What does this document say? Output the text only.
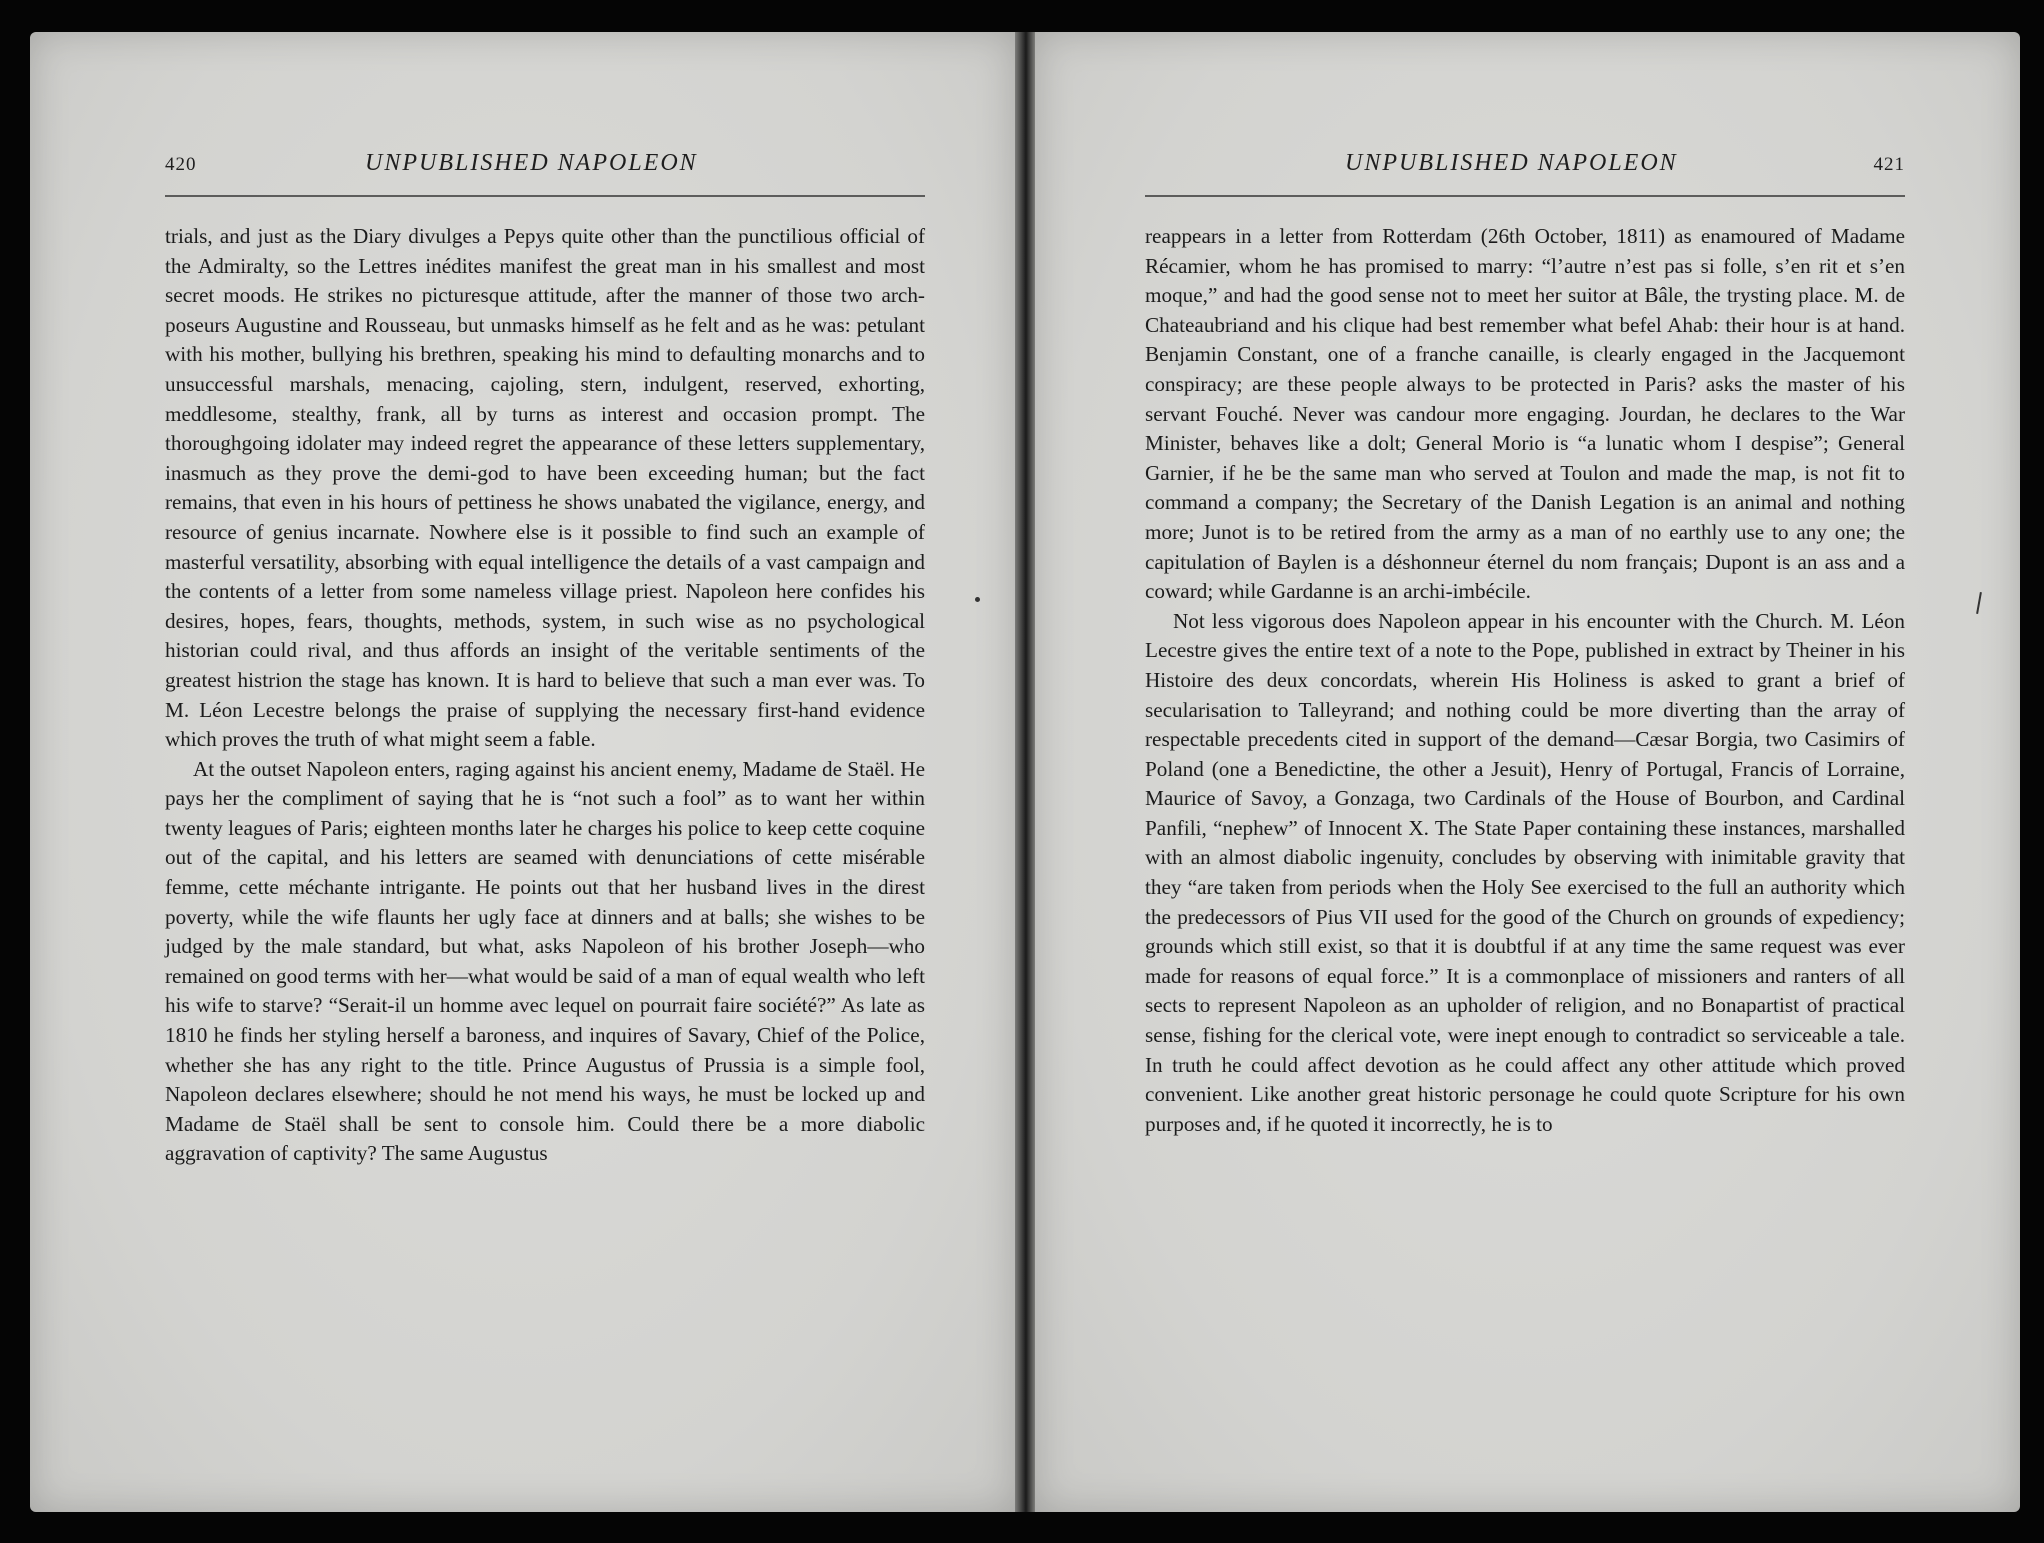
420	UNPUBLISHED NAPOLEON

trials, and just as the Diary divulges a Pepys quite other than the punctilious official of the Admiralty, so the Lettres inédites manifest the great man in his smallest and most secret moods. He strikes no picturesque attitude, after the manner of those two arch-poseurs Augustine and Rousseau, but unmasks himself as he felt and as he was: petulant with his mother, bullying his brethren, speaking his mind to defaulting monarchs and to unsuccessful marshals, menacing, cajoling, stern, indulgent, reserved, exhorting, meddlesome, stealthy, frank, all by turns as interest and occasion prompt. The thoroughgoing idolater may indeed regret the appearance of these letters supplementary, inasmuch as they prove the demi-god to have been exceeding human; but the fact remains, that even in his hours of pettiness he shows unabated the vigilance, energy, and resource of genius incarnate. Nowhere else is it possible to find such an example of masterful versatility, absorbing with equal intelligence the details of a vast campaign and the contents of a letter from some nameless village priest. Napoleon here confides his desires, hopes, fears, thoughts, methods, system, in such wise as no psychological historian could rival, and thus affords an insight of the veritable sentiments of the greatest histrion the stage has known. It is hard to believe that such a man ever was. To M. Léon Lecestre belongs the praise of supplying the necessary first-hand evidence which proves the truth of what might seem a fable.

At the outset Napoleon enters, raging against his ancient enemy, Madame de Staël. He pays her the compliment of saying that he is “not such a fool” as to want her within twenty leagues of Paris; eighteen months later he charges his police to keep cette coquine out of the capital, and his letters are seamed with denunciations of cette misérable femme, cette méchante intrigante. He points out that her husband lives in the direst poverty, while the wife flaunts her ugly face at dinners and at balls; she wishes to be judged by the male standard, but what, asks Napoleon of his brother Joseph—who remained on good terms with her—what would be said of a man of equal wealth who left his wife to starve? “Serait-il un homme avec lequel on pourrait faire société?” As late as 1810 he finds her styling herself a baroness, and inquires of Savary, Chief of the Police, whether she has any right to the title. Prince Augustus of Prussia is a simple fool, Napoleon declares elsewhere; should he not mend his ways, he must be locked up and Madame de Staël shall be sent to console him. Could there be a more diabolic aggravation of captivity? The same Augustus

UNPUBLISHED NAPOLEON	421

reappears in a letter from Rotterdam (26th October, 1811) as enamoured of Madame Récamier, whom he has promised to marry: “l’autre n’est pas si folle, s’en rit et s’en moque,” and had the good sense not to meet her suitor at Bâle, the trysting place. M. de Chateaubriand and his clique had best remember what befel Ahab: their hour is at hand. Benjamin Constant, one of a franche canaille, is clearly engaged in the Jacquemont conspiracy; are these people always to be protected in Paris? asks the master of his servant Fouché. Never was candour more engaging. Jourdan, he declares to the War Minister, behaves like a dolt; General Morio is “a lunatic whom I despise”; General Garnier, if he be the same man who served at Toulon and made the map, is not fit to command a company; the Secretary of the Danish Legation is an animal and nothing more; Junot is to be retired from the army as a man of no earthly use to any one; the capitulation of Baylen is a déshonneur éternel du nom français; Dupont is an ass and a coward; while Gardanne is an archi-imbécile.

Not less vigorous does Napoleon appear in his encounter with the Church. M. Léon Lecestre gives the entire text of a note to the Pope, published in extract by Theiner in his Histoire des deux concordats, wherein His Holiness is asked to grant a brief of secularisation to Talleyrand; and nothing could be more diverting than the array of respectable precedents cited in support of the demand—Cæsar Borgia, two Casimirs of Poland (one a Benedictine, the other a Jesuit), Henry of Portugal, Francis of Lorraine, Maurice of Savoy, a Gonzaga, two Cardinals of the House of Bourbon, and Cardinal Panfili, “nephew” of Innocent X. The State Paper containing these instances, marshalled with an almost diabolic ingenuity, concludes by observing with inimitable gravity that they “are taken from periods when the Holy See exercised to the full an authority which the predecessors of Pius VII used for the good of the Church on grounds of expediency; grounds which still exist, so that it is doubtful if at any time the same request was ever made for reasons of equal force.” It is a commonplace of missioners and ranters of all sects to represent Napoleon as an upholder of religion, and no Bonapartist of practical sense, fishing for the clerical vote, were inept enough to contradict so serviceable a tale. In truth he could affect devotion as he could affect any other attitude which proved convenient. Like another great historic personage he could quote Scripture for his own purposes and, if he quoted it incorrectly, he is to
